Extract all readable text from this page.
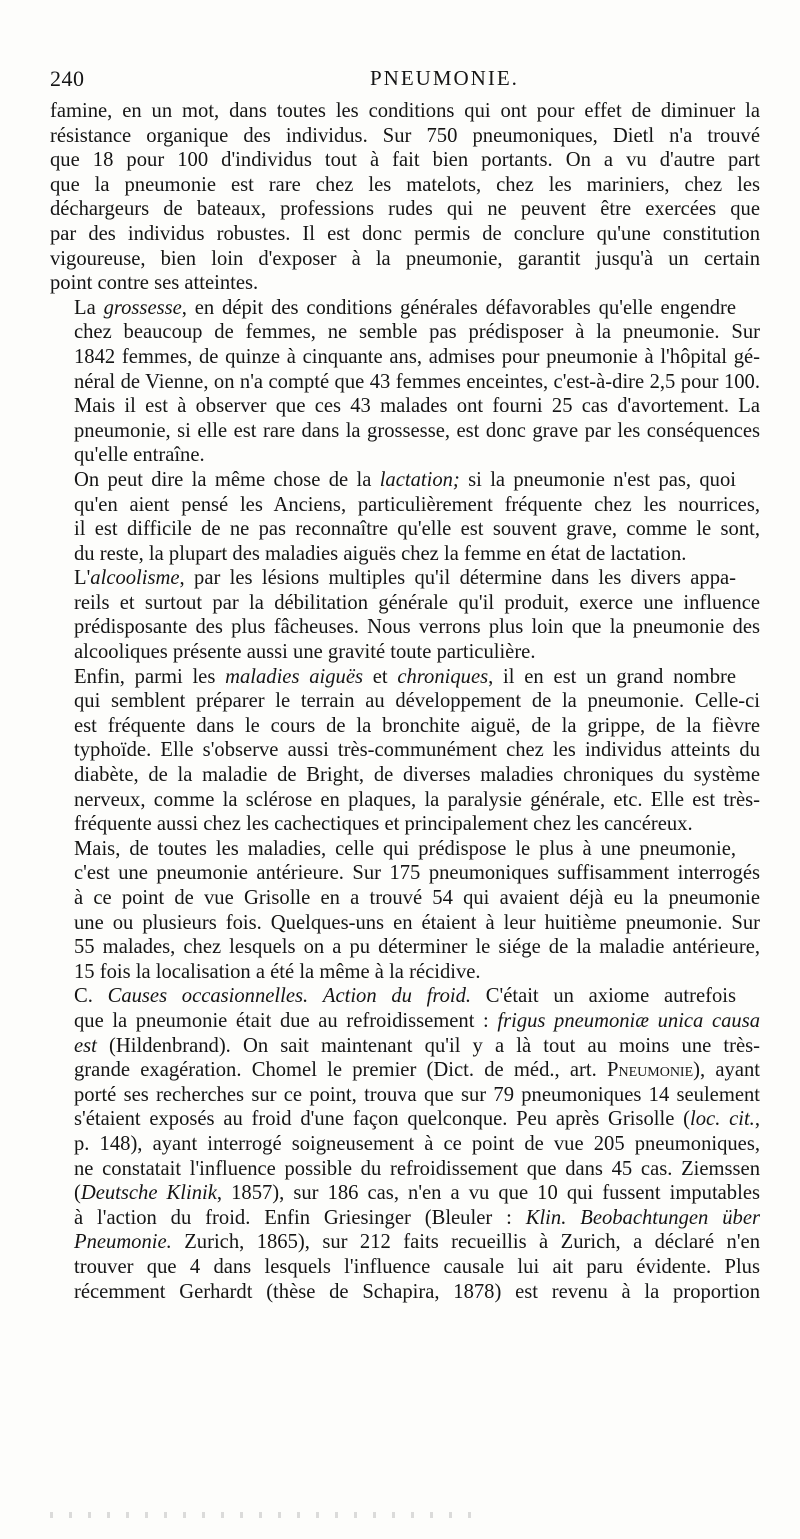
240	PNEUMONIE.

famine, en un mot, dans toutes les conditions qui ont pour effet de diminuer la
résistance organique des individus. Sur 750 pneumoniques, Dietl n'a trouvé
que 18 pour 100 d'individus tout à fait bien portants. On a vu d'autre part
que la pneumonie est rare chez les matelots, chez les mariniers, chez les
déchargeurs de bateaux, professions rudes qui ne peuvent être exercées que
par des individus robustes. Il est donc permis de conclure qu'une constitution
vigoureuse, bien loin d'exposer à la pneumonie, garantit jusqu'à un certain
point contre ses atteintes.

La grossesse, en dépit des conditions générales défavorables qu'elle engendre
chez beaucoup de femmes, ne semble pas prédisposer à la pneumonie. Sur
1842 femmes, de quinze à cinquante ans, admises pour pneumonie à l'hôpital gé-
néral de Vienne, on n'a compté que 43 femmes enceintes, c'est-à-dire 2,5 pour 100.
Mais il est à observer que ces 43 malades ont fourni 25 cas d'avortement. La
pneumonie, si elle est rare dans la grossesse, est donc grave par les conséquences
qu'elle entraîne.

On peut dire la même chose de la lactation; si la pneumonie n'est pas, quoi
qu'en aient pensé les Anciens, particulièrement fréquente chez les nourrices,
il est difficile de ne pas reconnaître qu'elle est souvent grave, comme le sont,
du reste, la plupart des maladies aiguës chez la femme en état de lactation.

L'alcoolisme, par les lésions multiples qu'il détermine dans les divers appa-
reils et surtout par la débilitation générale qu'il produit, exerce une influence
prédisposante des plus fâcheuses. Nous verrons plus loin que la pneumonie des
alcooliques présente aussi une gravité toute particulière.

Enfin, parmi les maladies aiguës et chroniques, il en est un grand nombre
qui semblent préparer le terrain au développement de la pneumonie. Celle-ci
est fréquente dans le cours de la bronchite aiguë, de la grippe, de la fièvre
typhoïde. Elle s'observe aussi très-communément chez les individus atteints du
diabète, de la maladie de Bright, de diverses maladies chroniques du système
nerveux, comme la sclérose en plaques, la paralysie générale, etc. Elle est très-
fréquente aussi chez les cachectiques et principalement chez les cancéreux.

Mais, de toutes les maladies, celle qui prédispose le plus à une pneumonie,
c'est une pneumonie antérieure. Sur 175 pneumoniques suffisamment interrogés
à ce point de vue Grisolle en a trouvé 54 qui avaient déjà eu la pneumonie
une ou plusieurs fois. Quelques-uns en étaient à leur huitième pneumonie. Sur
55 malades, chez lesquels on a pu déterminer le siége de la maladie antérieure,
15 fois la localisation a été la même à la récidive.

C. Causes occasionnelles. Action du froid. C'était un axiome autrefois
que la pneumonie était due au refroidissement : frigus pneumoniæ unica causa
est (Hildenbrand). On sait maintenant qu'il y a là tout au moins une très-
grande exagération. Chomel le premier (Dict. de méd., art. Pneumonie), ayant
porté ses recherches sur ce point, trouva que sur 79 pneumoniques 14 seulement
s'étaient exposés au froid d'une façon quelconque. Peu après Grisolle (loc. cit.,
p. 148), ayant interrogé soigneusement à ce point de vue 205 pneumoniques,
ne constatait l'influence possible du refroidissement que dans 45 cas. Ziemssen
(Deutsche Klinik, 1857), sur 186 cas, n'en a vu que 10 qui fussent imputables
à l'action du froid. Enfin Griesinger (Bleuler : Klin. Beobachtungen über
Pneumonie. Zurich, 1865), sur 212 faits recueillis à Zurich, a déclaré n'en
trouver que 4 dans lesquels l'influence causale lui ait paru évidente. Plus
récemment Gerhardt (thèse de Schapira, 1878) est revenu à la proportion
